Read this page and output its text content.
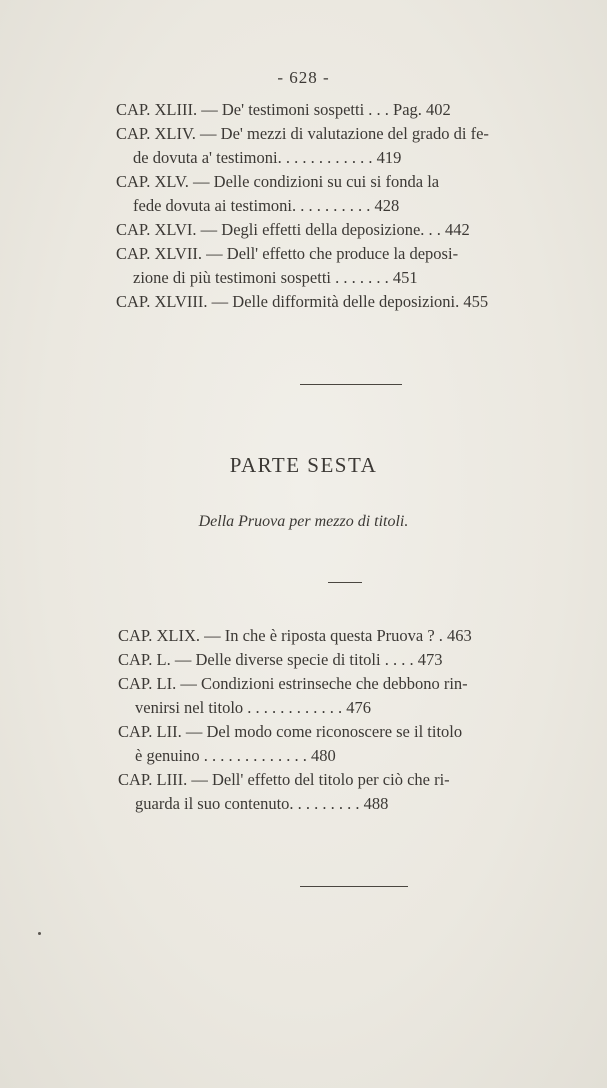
- 628 -
CAP. XLIII. — De' testimoni sospetti . . . Pag. 402
CAP. XLIV. — De' mezzi di valutazione del grado di fe-
de dovuta a' testimoni. . . . . . . . . . . . 419
CAP. XLV. — Delle condizioni su cui si fonda la
fede dovuta ai testimoni. . . . . . . . . . 428
CAP. XLVI. — Degli effetti della deposizione. . . 442
CAP. XLVII. — Dell' effetto che produce la deposi-
zione di più testimoni sospetti . . . . . . . 451
CAP. XLVIII. — Delle difformità delle deposizioni. 455
PARTE SESTA
Della Pruova per mezzo di titoli.
CAP. XLIX. — In che è riposta questa Pruova ? . 463
CAP. L. — Delle diverse specie di titoli . . . . 473
CAP. LI. — Condizioni estrinseche che debbono rin-
venirsi nel titolo . . . . . . . . . . . . 476
CAP. LII. — Del modo come riconoscere se il titolo
è genuino . . . . . . . . . . . . . 480
CAP. LIII. — Dell' effetto del titolo per ciò che ri-
guarda il suo contenuto. . . . . . . . . 488
